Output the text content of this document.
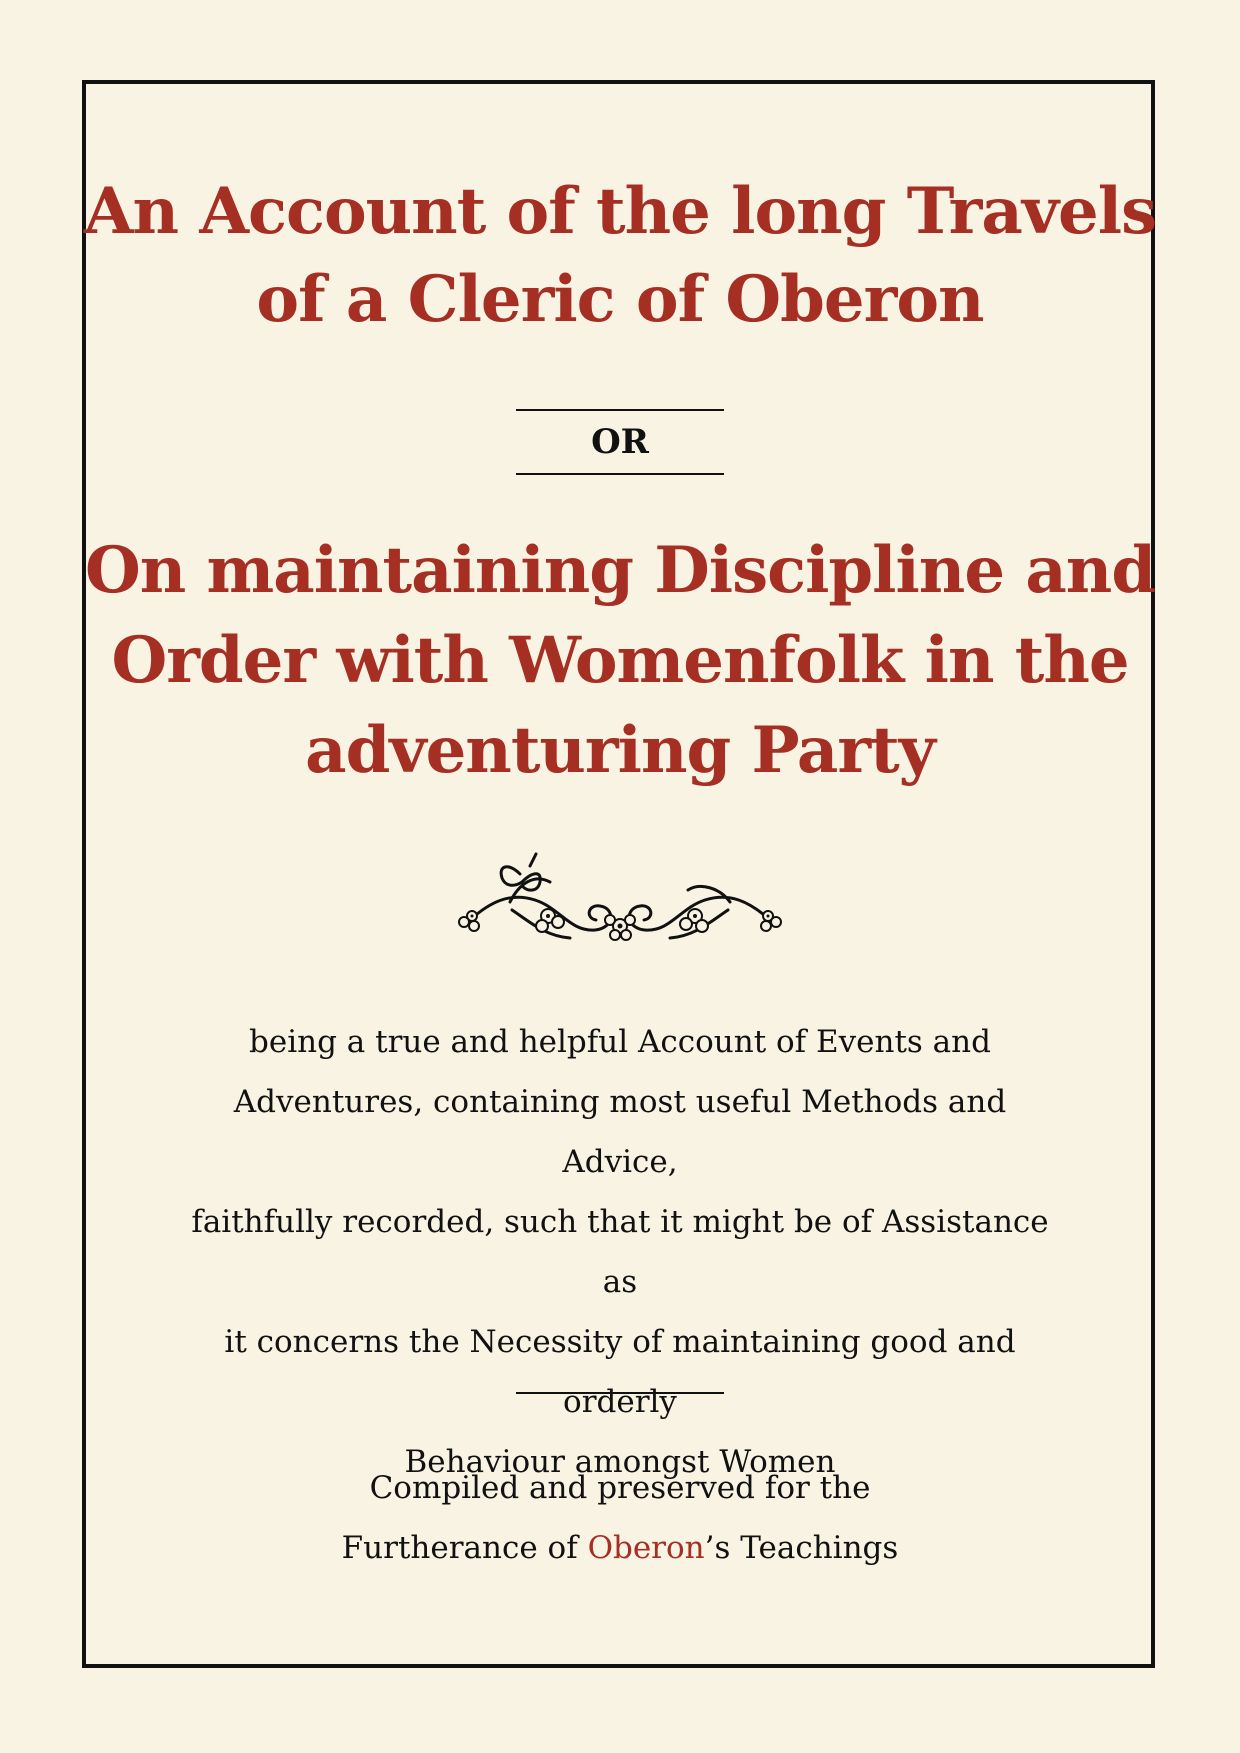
An Account of the long Travels
of a Cleric of Oberon
OR
On maintaining Discipline and
Order with Womenfolk in the
adventuring Party

being a true and helpful Account of Events and
Adventures, containing most useful Methods and Advice,
faithfully recorded, such that it might be of Assistance as
it concerns the Necessity of maintaining good and orderly
Behaviour amongst Women

Compiled and preserved for the
Furtherance of Oberon’s Teachings
